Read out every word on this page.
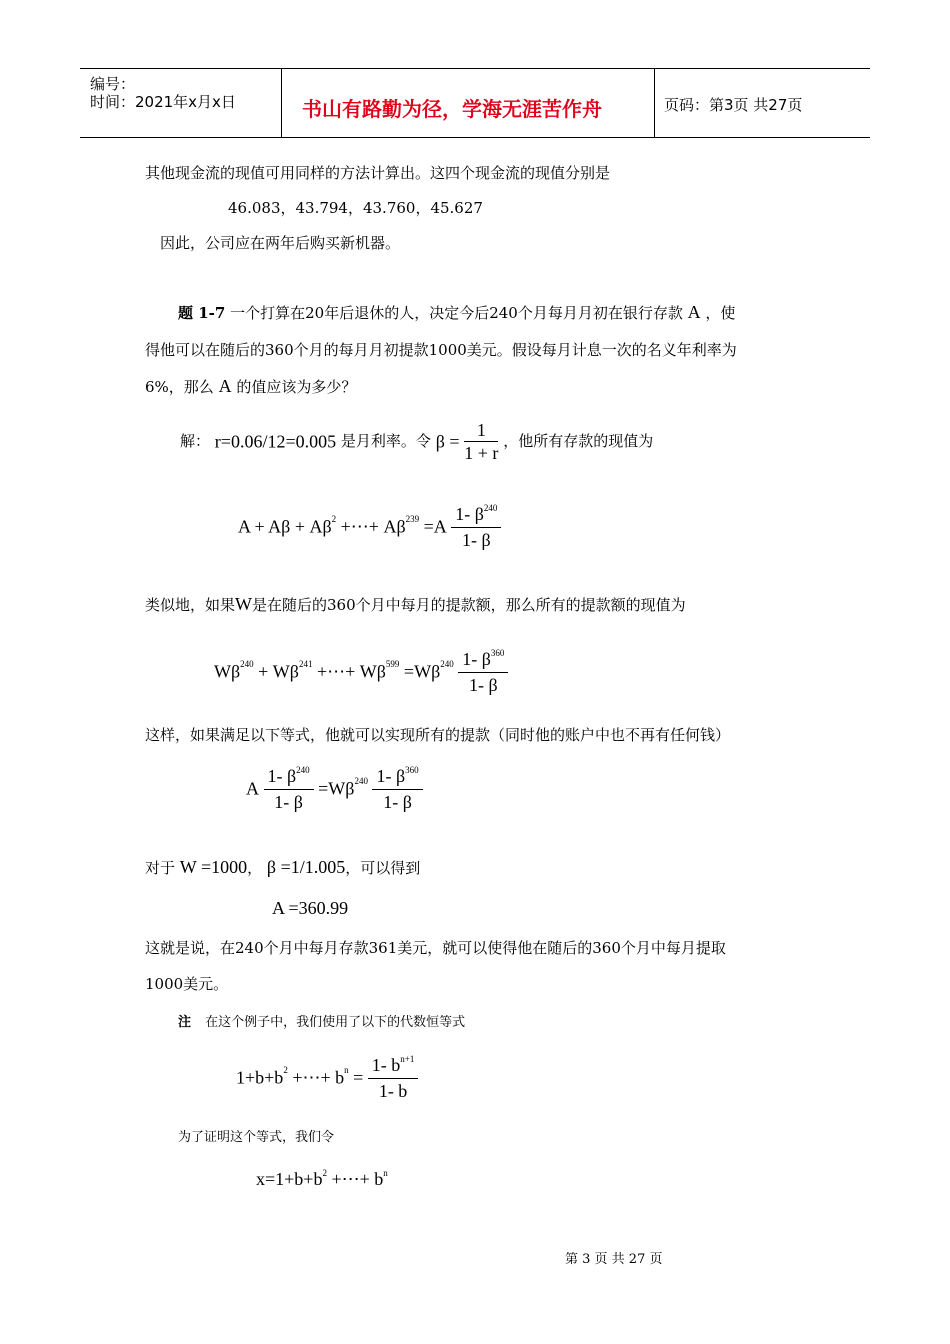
编号：
时间：2021年x月x日	书山有路勤为径，学海无涯苦作舟	页码：第3页 共27页
其他现金流的现值可用同样的方法计算出。这四个现金流的现值分别是
46.083，43.794，43.760，45.627
因此，公司应在两年后购买新机器。
题 1-7 一个打算在20年后退休的人，决定今后240个月每月月初在银行存款 A ，使
得他可以在随后的360个月的每月月初提款1000美元。假设每月计息一次的名义年利率为
6%，那么 A 的值应该为多少？
解： r=0.06/12=0.005 是月利率。令 $\beta = \frac{1}{1 + r}$ ，他所有存款的现值为
$A + A\beta + A\beta^2$ +⋯+ $A\beta^{239} =A \frac{1- \beta^{240}}{1- \beta}$
类似地，如果W是在随后的360个月中每月的提款额，那么所有的提款额的现值为
$W\beta^{240} + W\beta^{241}$ +⋯+ $W\beta^{599} =W\beta^{240} \frac{1- \beta^{360}}{1- \beta}$
这样，如果满足以下等式，他就可以实现所有的提款（同时他的账户中也不再有任何钱）
A $\frac{1- \beta^{240}}{1- \beta} =W\beta^{240} \frac{1- \beta^{360}}{1- \beta}$
对于 W =1000， β =1/1.005，可以得到
A =360.99
这就是说，在240个月中每月存款361美元，就可以使得他在随后的360个月中每月提取
1000美元。
注 在这个例子中，我们使用了以下的代数恒等式
$1+b+b^2$ +⋯+ $b^n = \frac{1- b^{n+1}}{1- b}$
为了证明这个等式，我们令
$x=1+b+b^2$ +⋯+ $b^n$
第 3 页 共 27 页
